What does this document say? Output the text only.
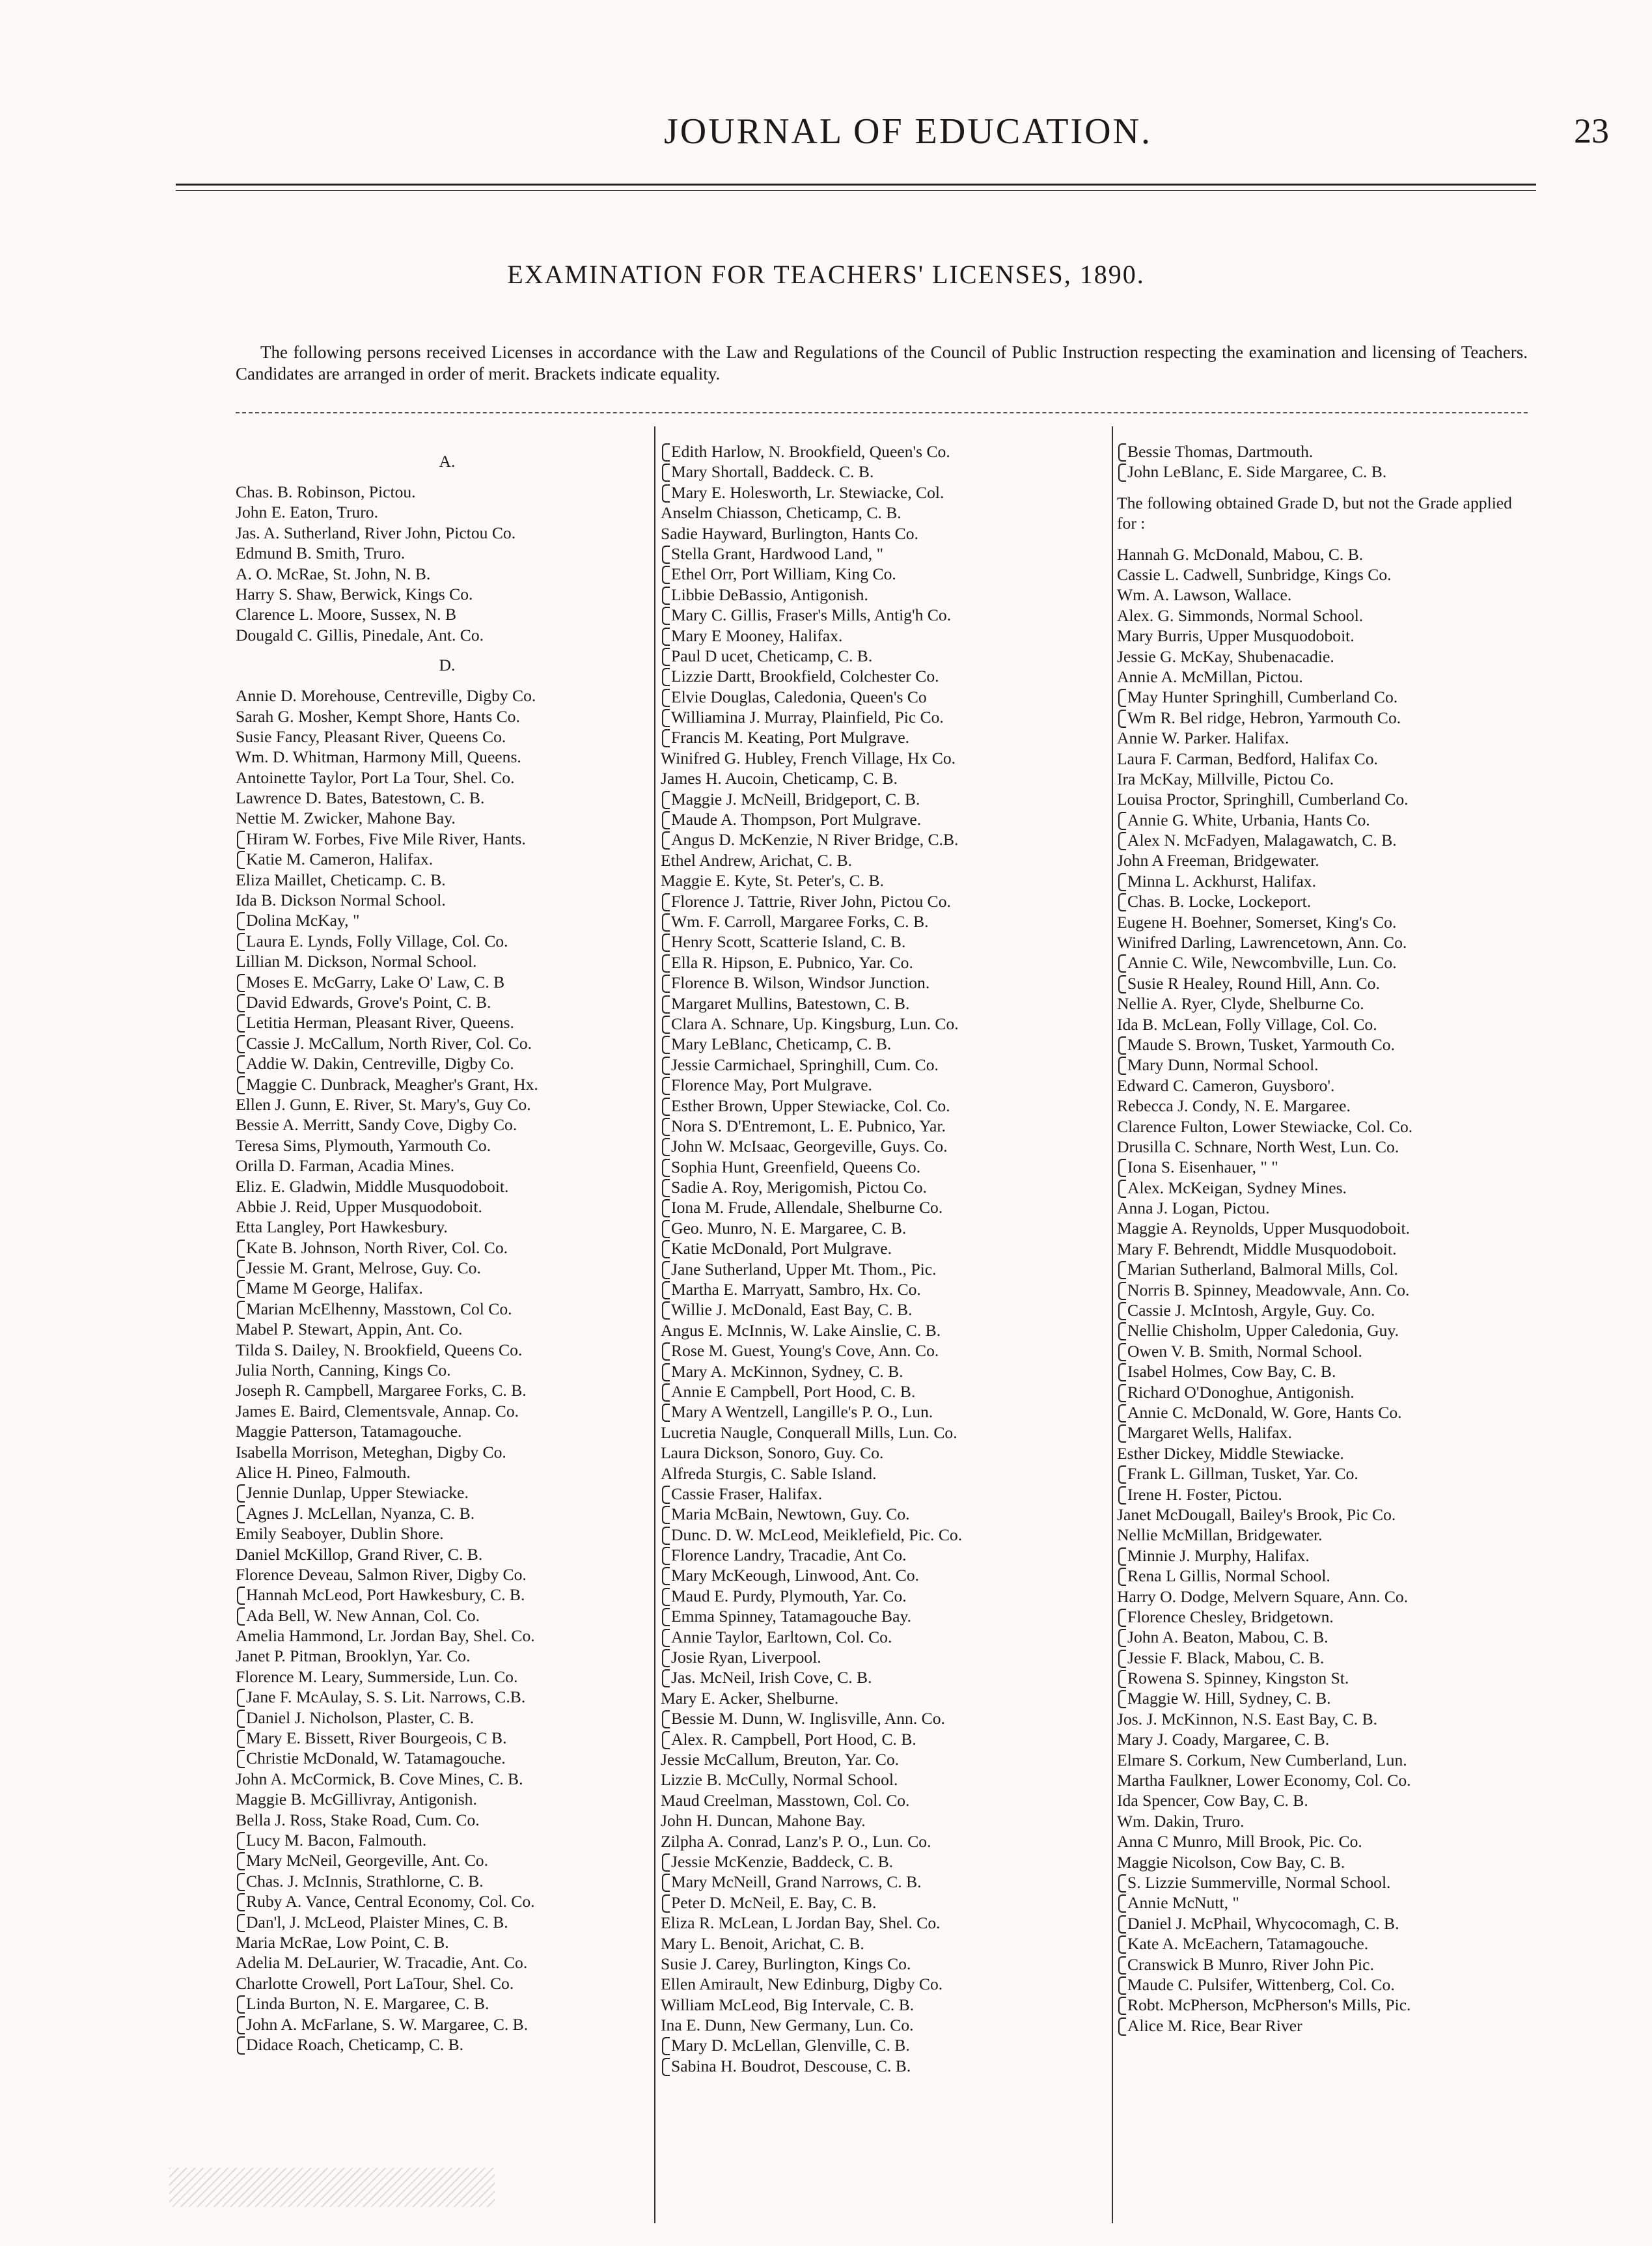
JOURNAL OF EDUCATION.	23
EXAMINATION FOR TEACHERS' LICENSES, 1890.
The following persons received Licenses in accordance with the Law and Regulations of the Council of Public Instruction respecting the examination and licensing of Teachers. Candidates are arranged in order of merit. Brackets indicate equality.
A.
Chas. B. Robinson, Pictou.
John E. Eaton, Truro.
Jas. A. Sutherland, River John, Pictou Co.
Edmund B. Smith, Truro.
A. O. McRae, St. John, N. B.
Harry S. Shaw, Berwick, Kings Co.
Clarence L. Moore, Sussex, N. B
Dougald C. Gillis, Pinedale, Ant. Co.
D.
Annie D. Morehouse, Centreville, Digby Co.
Sarah G. Mosher, Kempt Shore, Hants Co.
Susie Fancy, Pleasant River, Queens Co.
Wm. D. Whitman, Harmony Mill, Queens.
Antoinette Taylor, Port La Tour, Shel. Co.
Lawrence D. Bates, Batestown, C. B.
Nettie M. Zwicker, Mahone Bay.
Hiram W. Forbes, Five Mile River, Hants.
Katie M. Cameron, Halifax.
Eliza Maillet, Cheticamp. C. B.
Ida B. Dickson Normal School.
Dolina McKay, "
Laura E. Lynds, Folly Village, Col. Co.
Lillian M. Dickson, Normal School.
Moses E. McGarry, Lake O' Law, C. B
David Edwards, Grove's Point, C. B.
Letitia Herman, Pleasant River, Queens.
Cassie J. McCallum, North River, Col. Co.
Addie W. Dakin, Centreville, Digby Co.
Maggie C. Dunbrack, Meagher's Grant, Hx.
Ellen J. Gunn, E. River, St. Mary's, Guy Co.
Bessie A. Merritt, Sandy Cove, Digby Co.
Teresa Sims, Plymouth, Yarmouth Co.
Orilla D. Farman, Acadia Mines.
Eliz. E. Gladwin, Middle Musquodoboit.
Abbie J. Reid, Upper Musquodoboit.
Etta Langley, Port Hawkesbury.
Kate B. Johnson, North River, Col. Co.
Jessie M. Grant, Melrose, Guy. Co.
Mame M George, Halifax.
Marian McElhenny, Masstown, Col Co.
Mabel P. Stewart, Appin, Ant. Co.
Tilda S. Dailey, N. Brookfield, Queens Co.
Julia North, Canning, Kings Co.
Joseph R. Campbell, Margaree Forks, C. B.
James E. Baird, Clementsvale, Annap. Co.
Maggie Patterson, Tatamagouche.
Isabella Morrison, Meteghan, Digby Co.
Alice H. Pineo, Falmouth.
Jennie Dunlap, Upper Stewiacke.
Agnes J. McLellan, Nyanza, C. B.
Emily Seaboyer, Dublin Shore.
Daniel McKillop, Grand River, C. B.
Florence Deveau, Salmon River, Digby Co.
Hannah McLeod, Port Hawkesbury, C. B.
Ada Bell, W. New Annan, Col. Co.
Amelia Hammond, Lr. Jordan Bay, Shel. Co.
Janet P. Pitman, Brooklyn, Yar. Co.
Florence M. Leary, Summerside, Lun. Co.
Jane F. McAulay, S. S. Lit. Narrows, C.B.
Daniel J. Nicholson, Plaster, C. B.
Mary E. Bissett, River Bourgeois, C B.
Christie McDonald, W. Tatamagouche.
John A. McCormick, B. Cove Mines, C. B.
Maggie B. McGillivray, Antigonish.
Bella J. Ross, Stake Road, Cum. Co.
Lucy M. Bacon, Falmouth.
Mary McNeil, Georgeville, Ant. Co.
Chas. J. McInnis, Strathlorne, C. B.
Ruby A. Vance, Central Economy, Col. Co.
Dan'l, J. McLeod, Plaister Mines, C. B.
Maria McRae, Low Point, C. B.
Adelia M. DeLaurier, W. Tracadie, Ant. Co.
Charlotte Crowell, Port LaTour, Shel. Co.
Linda Burton, N. E. Margaree, C. B.
John A. McFarlane, S. W. Margaree, C. B.
Didace Roach, Cheticamp, C. B.
Edith Harlow, N. Brookfield, Queen's Co.
Mary Shortall, Baddeck. C. B.
Mary E. Holesworth, Lr. Stewiacke, Col.
Anselm Chiasson, Cheticamp, C. B.
Sadie Hayward, Burlington, Hants Co.
Stella Grant, Hardwood Land, "
Ethel Orr, Port William, King Co.
Libbie DeBassio, Antigonish.
Mary C. Gillis, Fraser's Mills, Antig'h Co.
Mary E Mooney, Halifax.
Paul D ucet, Cheticamp, C. B.
Lizzie Dartt, Brookfield, Colchester Co.
Elvie Douglas, Caledonia, Queen's Co
Williamina J. Murray, Plainfield, Pic Co.
Francis M. Keating, Port Mulgrave.
Winifred G. Hubley, French Village, Hx Co.
James H. Aucoin, Cheticamp, C. B.
Maggie J. McNeill, Bridgeport, C. B.
Maude A. Thompson, Port Mulgrave.
Angus D. McKenzie, N River Bridge, C.B.
Ethel Andrew, Arichat, C. B.
Maggie E. Kyte, St. Peter's, C. B.
Florence J. Tattrie, River John, Pictou Co.
Wm. F. Carroll, Margaree Forks, C. B.
Henry Scott, Scatterie Island, C. B.
Ella R. Hipson, E. Pubnico, Yar. Co.
Florence B. Wilson, Windsor Junction.
Margaret Mullins, Batestown, C. B.
Clara A. Schnare, Up. Kingsburg, Lun. Co.
Mary LeBlanc, Cheticamp, C. B.
Jessie Carmichael, Springhill, Cum. Co.
Florence May, Port Mulgrave.
Esther Brown, Upper Stewiacke, Col. Co.
Nora S. D'Entremont, L. E. Pubnico, Yar.
John W. McIsaac, Georgeville, Guys. Co.
Sophia Hunt, Greenfield, Queens Co.
Sadie A. Roy, Merigomish, Pictou Co.
Iona M. Frude, Allendale, Shelburne Co.
Geo. Munro, N. E. Margaree, C. B.
Katie McDonald, Port Mulgrave.
Jane Sutherland, Upper Mt. Thom., Pic.
Martha E. Marryatt, Sambro, Hx. Co.
Willie J. McDonald, East Bay, C. B.
Angus E. McInnis, W. Lake Ainslie, C. B.
Rose M. Guest, Young's Cove, Ann. Co.
Mary A. McKinnon, Sydney, C. B.
Annie E Campbell, Port Hood, C. B.
Mary A Wentzell, Langille's P. O., Lun.
Lucretia Naugle, Conquerall Mills, Lun. Co.
Laura Dickson, Sonoro, Guy. Co.
Alfreda Sturgis, C. Sable Island.
Cassie Fraser, Halifax.
Maria McBain, Newtown, Guy. Co.
Dunc. D. W. McLeod, Meiklefield, Pic. Co.
Florence Landry, Tracadie, Ant Co.
Mary McKeough, Linwood, Ant. Co.
Maud E. Purdy, Plymouth, Yar. Co.
Emma Spinney, Tatamagouche Bay.
Annie Taylor, Earltown, Col. Co.
Josie Ryan, Liverpool.
Jas. McNeil, Irish Cove, C. B.
Mary E. Acker, Shelburne.
Bessie M. Dunn, W. Inglisville, Ann. Co.
Alex. R. Campbell, Port Hood, C. B.
Jessie McCallum, Breuton, Yar. Co.
Lizzie B. McCully, Normal School.
Maud Creelman, Masstown, Col. Co.
John H. Duncan, Mahone Bay.
Zilpha A. Conrad, Lanz's P. O., Lun. Co.
Jessie McKenzie, Baddeck, C. B.
Mary McNeill, Grand Narrows, C. B.
Peter D. McNeil, E. Bay, C. B.
Eliza R. McLean, L Jordan Bay, Shel. Co.
Mary L. Benoit, Arichat, C. B.
Susie J. Carey, Burlington, Kings Co.
Ellen Amirault, New Edinburg, Digby Co.
William McLeod, Big Intervale, C. B.
Ina E. Dunn, New Germany, Lun. Co.
Mary D. McLellan, Glenville, C. B.
Sabina H. Boudrot, Descouse, C. B.
Bessie Thomas, Dartmouth.
John LeBlanc, E. Side Margaree, C. B.
The following obtained Grade D, but not the Grade applied for :
Hannah G. McDonald, Mabou, C. B.
Cassie L. Cadwell, Sunbridge, Kings Co.
Wm. A. Lawson, Wallace.
Alex. G. Simmonds, Normal School.
Mary Burris, Upper Musquodoboit.
Jessie G. McKay, Shubenacadie.
Annie A. McMillan, Pictou.
May Hunter Springhill, Cumberland Co.
Wm R. Bel ridge, Hebron, Yarmouth Co.
Annie W. Parker. Halifax.
Laura F. Carman, Bedford, Halifax Co.
Ira McKay, Millville, Pictou Co.
Louisa Proctor, Springhill, Cumberland Co.
Annie G. White, Urbania, Hants Co.
Alex N. McFadyen, Malagawatch, C. B.
John A Freeman, Bridgewater.
Minna L. Ackhurst, Halifax.
Chas. B. Locke, Lockeport.
Eugene H. Boehner, Somerset, King's Co.
Winifred Darling, Lawrencetown, Ann. Co.
Annie C. Wile, Newcombville, Lun. Co.
Susie R Healey, Round Hill, Ann. Co.
Nellie A. Ryer, Clyde, Shelburne Co.
Ida B. McLean, Folly Village, Col. Co.
Maude S. Brown, Tusket, Yarmouth Co.
Mary Dunn, Normal School.
Edward C. Cameron, Guysboro'.
Rebecca J. Condy, N. E. Margaree.
Clarence Fulton, Lower Stewiacke, Col. Co.
Drusilla C. Schnare, North West, Lun. Co.
Iona S. Eisenhauer, " "
Alex. McKeigan, Sydney Mines.
Anna J. Logan, Pictou.
Maggie A. Reynolds, Upper Musquodoboit.
Mary F. Behrendt, Middle Musquodoboit.
Marian Sutherland, Balmoral Mills, Col.
Norris B. Spinney, Meadowvale, Ann. Co.
Cassie J. McIntosh, Argyle, Guy. Co.
Nellie Chisholm, Upper Caledonia, Guy.
Owen V. B. Smith, Normal School.
Isabel Holmes, Cow Bay, C. B.
Richard O'Donoghue, Antigonish.
Annie C. McDonald, W. Gore, Hants Co.
Margaret Wells, Halifax.
Esther Dickey, Middle Stewiacke.
Frank L. Gillman, Tusket, Yar. Co.
Irene H. Foster, Pictou.
Janet McDougall, Bailey's Brook, Pic Co.
Nellie McMillan, Bridgewater.
Minnie J. Murphy, Halifax.
Rena L Gillis, Normal School.
Harry O. Dodge, Melvern Square, Ann. Co.
Florence Chesley, Bridgetown.
John A. Beaton, Mabou, C. B.
Jessie F. Black, Mabou, C. B.
Rowena S. Spinney, Kingston St.
Maggie W. Hill, Sydney, C. B.
Jos. J. McKinnon, N.S. East Bay, C. B.
Mary J. Coady, Margaree, C. B.
Elmare S. Corkum, New Cumberland, Lun.
Martha Faulkner, Lower Economy, Col. Co.
Ida Spencer, Cow Bay, C. B.
Wm. Dakin, Truro.
Anna C Munro, Mill Brook, Pic. Co.
Maggie Nicolson, Cow Bay, C. B.
S. Lizzie Summerville, Normal School.
Annie McNutt, "
Daniel J. McPhail, Whycocomagh, C. B.
Kate A. McEachern, Tatamagouche.
Cranswick B Munro, River John Pic.
Maude C. Pulsifer, Wittenberg, Col. Co.
Robt. McPherson, McPherson's Mills, Pic.
Alice M. Rice, Bear River
